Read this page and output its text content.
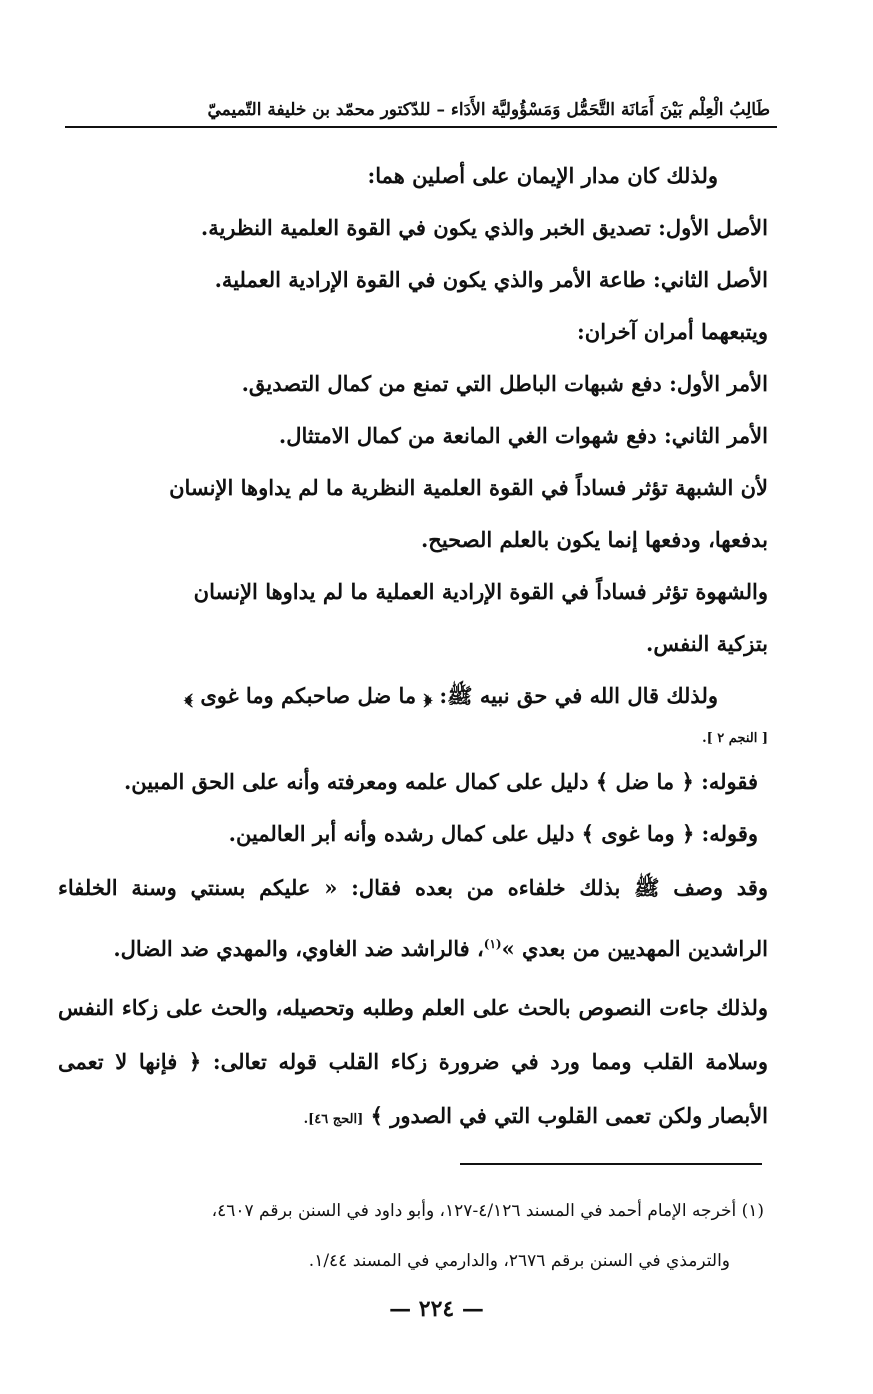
طَالِبُ الْعِلْم بَيْنَ أَمَانَة التَّحَمُّل وَمَسْؤُوليَّة الأَدَاء – للدّكتور محمّد بن خليفة التّميميّ

ولذلك كان مدار الإيمان على أصلين هما:

الأصل الأول: تصديق الخبر والذي يكون في القوة العلمية النظرية.

الأصل الثاني: طاعة الأمر والذي يكون في القوة الإرادية العملية.

ويتبعهما أمران آخران:

الأمر الأول: دفع شبهات الباطل التي تمنع من كمال التصديق.

الأمر الثاني: دفع شهوات الغي المانعة من كمال الامتثال.

لأن الشبهة تؤثر فساداً في القوة العلمية النظرية ما لم يداوها الإنسان

بدفعها، ودفعها إنما يكون بالعلم الصحيح.

والشهوة تؤثر فساداً في القوة الإرادية العملية ما لم يداوها الإنسان

بتزكية النفس.

ولذلك قال الله في حق نبيه ﷺ: ﴿ ما ضل صاحبكم وما غوى ﴾

[ النجم ٢ ].

فقوله: ﴿ ما ضل ﴾ دليل على كمال علمه ومعرفته وأنه على الحق المبين.

وقوله: ﴿ وما غوى ﴾ دليل على كمال رشده وأنه أبر العالمين.

وقد وصف ﷺ بذلك خلفاءه من بعده فقال: « عليكم بسنتي وسنة الخلفاء الراشدين المهديين من بعدي »$^{(١)}$، فالراشد ضد الغاوي، والمهدي ضد الضال.

ولذلك جاءت النصوص بالحث على العلم وطلبه وتحصيله، والحث على زكاء النفس وسلامة القلب ومما ورد في ضرورة زكاء القلب قوله تعالى: ﴿ فإنها لا تعمى الأبصار ولكن تعمى القلوب التي في الصدور ﴾ [الحج ٤٦].

(١) أخرجه الإمام أحمد في المسند ٤/١٢٦-١٢٧، وأبو داود في السنن برقم ٤٦٠٧،
والترمذي في السنن برقم ٢٦٧٦، والدارمي في المسند ١/٤٤.
— ٢٢٤ —
